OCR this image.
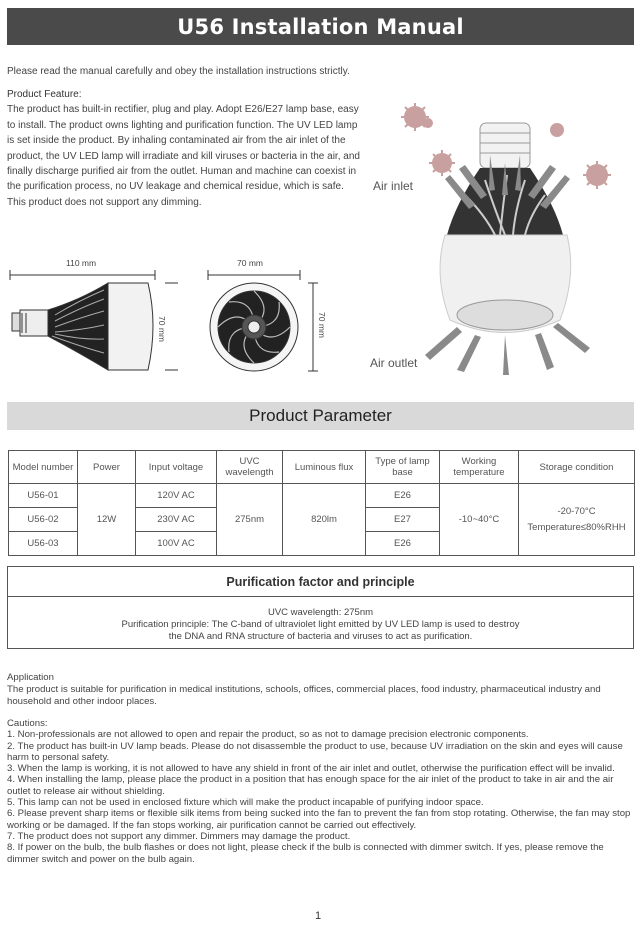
U56 Installation Manual
Please read the manual carefully and obey the installation instructions strictly.
Product Feature:
The product has built-in rectifier, plug and play. Adopt E26/E27 lamp base, easy
to install. The product owns lighting and purification function. The UV LED lamp
is set inside the product. By inhaling contaminated air from the air inlet of the
product, the UV LED lamp will irradiate and kill viruses or bacteria in the air, and
finally discharge purified air from the outlet. Human and machine can coexist in
the purification process, no UV leakage and chemical residue, which is safe.
This product does not support any dimming.
110 mm
70 mm
70 mm
70 mm
Air inlet
Air outlet
Product Parameter
Model number	Power	Input voltage	UVC wavelength	Luminous flux	Type of lamp base	Working temperature	Storage condition
U56-01	12W	120V AC	275nm	820lm	E26	-10~40°C	-20-70°C
Temperature≤80%RHH

U56-02		230V AC			E27		
U56-03		100V AC			E26		
Purification factor and principle
UVC wavelength: 275nm
Purification principle: The C-band of ultraviolet light emitted by UV LED lamp is used to destroy
the DNA and RNA structure of bacteria and viruses to act as purification.
Application
The product is suitable for purification in medical institutions, schools, offices, commercial places, food industry, pharmaceutical industry and household and other indoor places.

Cautions:

1. Non-professionals are not allowed to open and repair the product, so as not to damage precision electronic components.

2. The product has built-in UV lamp beads. Please do not disassemble the product to use, because UV irradiation on the skin and eyes will cause harm to personal safety.

3. When the lamp is working, it is not allowed to have any shield in front of the air inlet and outlet, otherwise the purification effect will be invalid.

4. When installing the lamp, please place the product in a position that has enough space for the air inlet of the product to take in air and the air outlet to release air without shielding.

5. This lamp can not be used in enclosed fixture which will make the product incapable of purifying indoor space.

6. Please prevent sharp items or flexible silk items from being sucked into the fan to prevent the fan from stop rotating. Otherwise, the fan may stop working or be damaged. If the fan stops working, air purification cannot be carried out effectively.

7. The product does not support any dimmer. Dimmers may damage the product.

8. If power on the bulb, the bulb flashes or does not light, please check if the bulb is connected with dimmer switch. If yes, please remove the dimmer switch and power on the bulb again.

1
